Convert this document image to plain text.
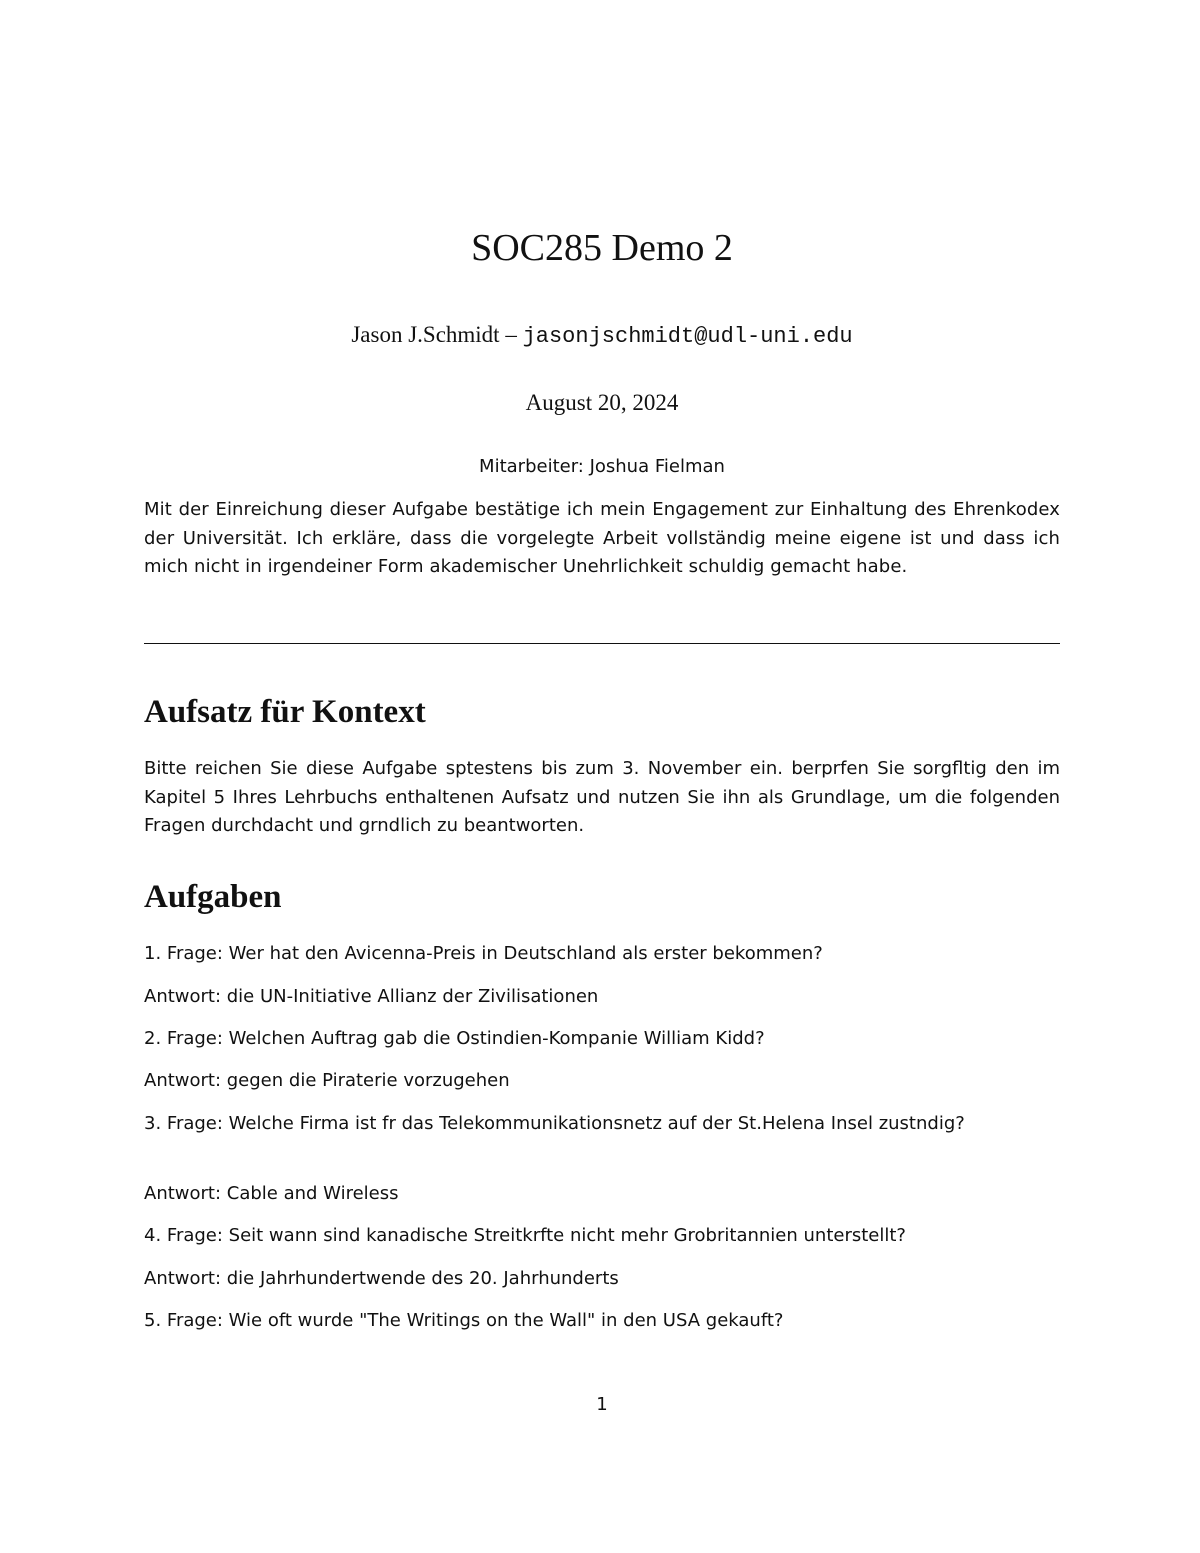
SOC285 Demo 2
Jason J.Schmidt – jasonjschmidt@udl-uni.edu
August 20, 2024
Mitarbeiter: Joshua Fielman

Mit der Einreichung dieser Aufgabe bestätige ich mein Engagement zur Einhaltung des Ehrenkodex der Universität. Ich erkläre, dass die vorgelegte Arbeit vollständig meine eigene ist und dass ich mich nicht in irgendeiner Form akademischer Unehrlichkeit schuldig gemacht habe.

Aufsatz für Kontext

Bitte reichen Sie diese Aufgabe sptestens bis zum 3. November ein. berprfen Sie sorgfltig den im Kapitel 5 Ihres Lehrbuchs enthaltenen Aufsatz und nutzen Sie ihn als Grundlage, um die folgenden Fragen durchdacht und grndlich zu beantworten.

Aufgaben

1. Frage: Wer hat den Avicenna-Preis in Deutschland als erster bekommen?

Antwort: die UN-Initiative Allianz der Zivilisationen

2. Frage: Welchen Auftrag gab die Ostindien-Kompanie William Kidd?

Antwort: gegen die Piraterie vorzugehen

3. Frage: Welche Firma ist fr das Telekommunikationsnetz auf der St.Helena Insel zustndig?

Antwort: Cable and Wireless

4. Frage: Seit wann sind kanadische Streitkrfte nicht mehr Grobritannien unterstellt?

Antwort: die Jahrhundertwende des 20. Jahrhunderts

5. Frage: Wie oft wurde "The Writings on the Wall" in den USA gekauft?

1
